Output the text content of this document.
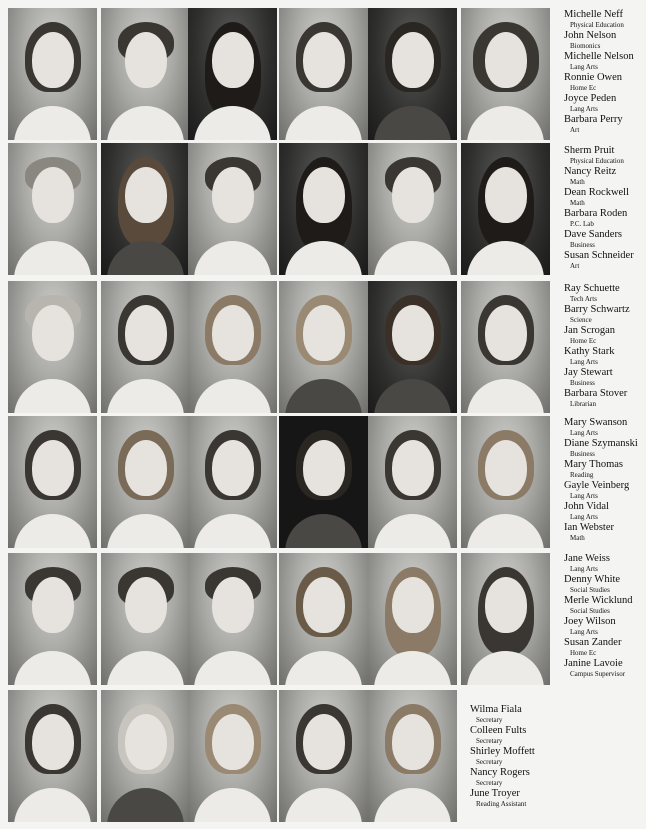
Michelle Neff
Physical Education
John Nelson
Biomonics
Michelle Nelson
Lang Arts
Ronnie Owen
Home Ec
Joyce Peden
Lang Arts
Barbara Perry
Art
Sherm Pruit
Physical Education
Nancy Reitz
Math
Dean Rockwell
Math
Barbara Roden
P.C. Lab
Dave Sanders
Business
Susan Schneider
Art
Ray Schuette
Tech Arts
Barry Schwartz
Science
Jan Scrogan
Home Ec
Kathy Stark
Lang Arts
Jay Stewart
Business
Barbara Stover
Librarian
Mary Swanson
Lang Arts
Diane Szymanski
Business
Mary Thomas
Reading
Gayle Veinberg
Lang Arts
John Vidal
Lang Arts
Ian Webster
Math
Jane Weiss
Lang Arts
Denny White
Social Studies
Merle Wicklund
Social Studies
Joey Wilson
Lang Arts
Susan Zander
Home Ec
Janine Lavoie
Campus Supervisor
Wilma Fiala
Secretary
Colleen Fults
Secretary
Shirley Moffett
Secretary
Nancy Rogers
Secretary
June Troyer
Reading Assistant
